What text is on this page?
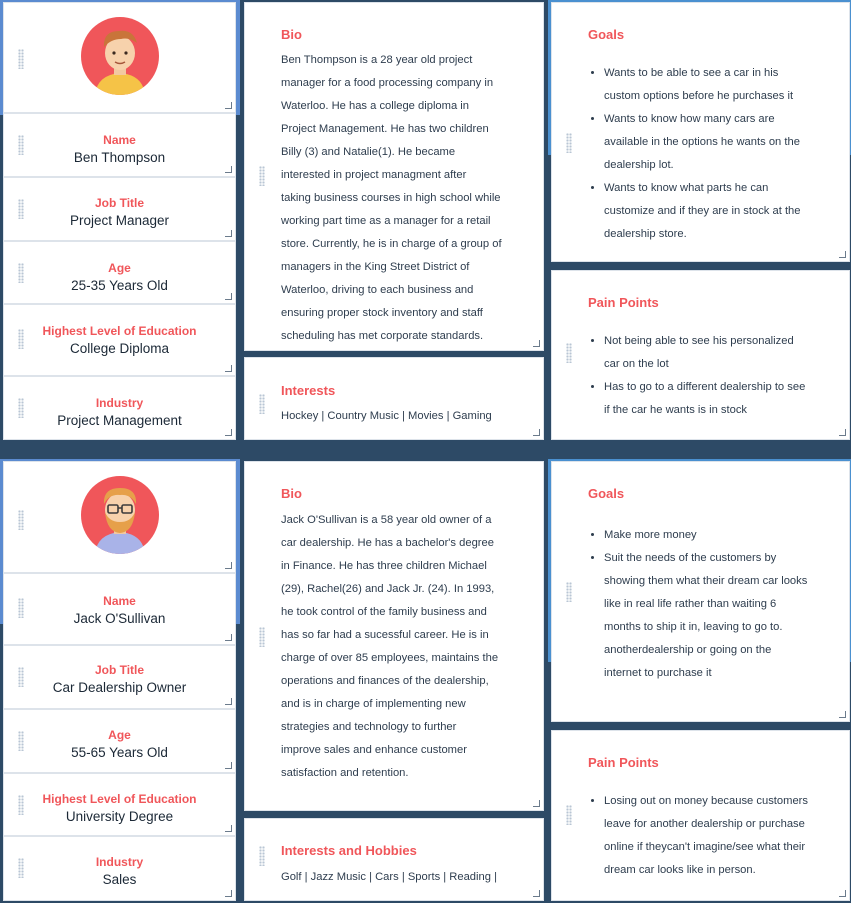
Name
Ben Thompson
Job Title
Project Manager
Age
25-35 Years Old
Highest Level of Education
College Diploma
Industry
Project Management
Bio
Ben Thompson is a 28 year old project
manager for a food processing company in
Waterloo. He has a college diploma in
Project Management. He has two children
Billy (3) and Natalie(1). He became
interested in project managment after
taking business courses in high school while
working part time as a manager for a retail
store. Currently, he is in charge of a group of
managers in the King Street District of
Waterloo, driving to each business and
ensuring proper stock inventory and staff
scheduling has met corporate standards.
Interests
Hockey | Country Music | Movies | Gaming
Goals
• Wants to be able to see a car in his
custom options before he purchases it
• Wants to know how many cars are
available in the options he wants on the
dealership lot.
• Wants to know what parts he can
customize and if they are in stock at the
dealership store.
Pain Points
• Not being able to see his personalized
car on the lot
• Has to go to a different dealership to see
if the car he wants is in stock
Name
Jack O'Sullivan
Job Title
Car Dealership Owner
Age
55-65 Years Old
Highest Level of Education
University Degree
Industry
Sales
Bio
Jack O'Sullivan is a 58 year old owner of a
car dealership. He has a bachelor's degree
in Finance. He has three children Michael
(29), Rachel(26) and Jack Jr. (24). In 1993,
he took control of the family business and
has so far had a sucessful career. He is in
charge of over 85 employees, maintains the
operations and finances of the dealership,
and is in charge of implementing new
strategies and technology to further
improve sales and enhance customer
satisfaction and retention.
Interests and Hobbies
Golf | Jazz Music | Cars | Sports | Reading |
Goals
• Make more money
• Suit the needs of the customers by
showing them what their dream car looks
like in real life rather than waiting 6
months to ship it in, leaving to go to.
anotherdealership or going on the
internet to purchase it
Pain Points
• Losing out on money because customers
leave for another dealership or purchase
online if theycan't imagine/see what their
dream car looks like in person.
